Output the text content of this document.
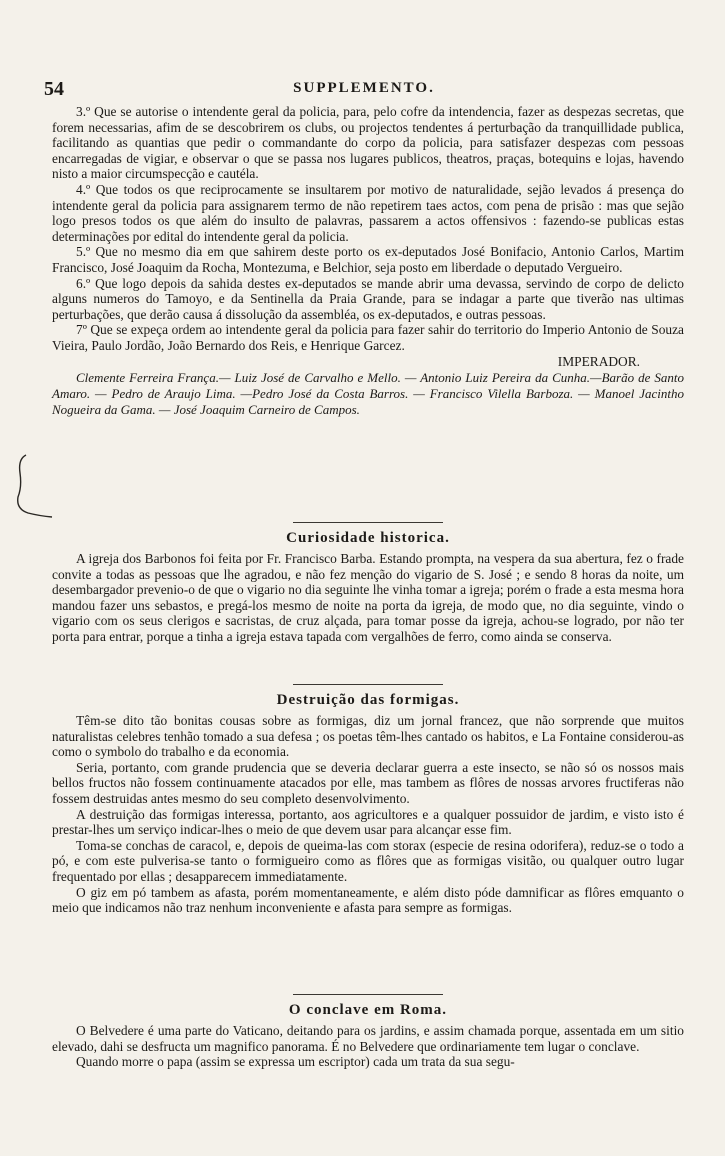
54	SUPPLEMENTO.

3.º Que se autorise o intendente geral da policia, para, pelo cofre da intendencia, fazer as despezas secretas, que forem necessarias, afim de se descobrirem os clubs, ou projectos tendentes á perturbação da tranquillidade publica, facilitando as quantias que pedir o commandante do corpo da policia, para satisfazer despezas com pessoas encarregadas de vigiar, e observar o que se passa nos lugares publicos, theatros, praças, botequins e lojas, havendo nisto a maior circumspecção e cautéla.

4.º Que todos os que reciprocamente se insultarem por motivo de naturalidade, sejão levados á presença do intendente geral da policia para assignarem termo de não repetirem taes actos, com pena de prisão : mas que sejão logo presos todos os que além do insulto de palavras, passarem a actos offensivos : fazendo-se publicas estas determinações por edital do intendente geral da policia.

5.º Que no mesmo dia em que sahirem deste porto os ex-deputados José Bonifacio, Antonio Carlos, Martim Francisco, José Joaquim da Rocha, Montezuma, e Belchior, seja posto em liberdade o deputado Vergueiro.

6.º Que logo depois da sahida destes ex-deputados se mande abrir uma devassa, servindo de corpo de delicto alguns numeros do Tamoyo, e da Sentinella da Praia Grande, para se indagar a parte que tiverão nas ultimas perturbações, que derão causa á dissolução da assembléa, os ex-deputados, e outras pessoas.

7º Que se expeça ordem ao intendente geral da policia para fazer sahir do territorio do Imperio Antonio de Souza Vieira, Paulo Jordão, João Bernardo dos Reis, e Henrique Garcez.

IMPERADOR.

Clemente Ferreira França.— Luiz José de Carvalho e Mello. — Antonio Luiz Pereira da Cunha.—Barão de Santo Amaro. — Pedro de Araujo Lima. —Pedro José da Costa Barros. — Francisco Vilella Barboza. — Manoel Jacintho Nogueira da Gama. — José Joaquim Carneiro de Campos.

Curiosidade historica.

A igreja dos Barbonos foi feita por Fr. Francisco Barba. Estando prompta, na vespera da sua abertura, fez o frade convite a todas as pessoas que lhe agradou, e não fez menção do vigario de S. José ; e sendo 8 horas da noite, um desembargador prevenio-o de que o vigario no dia seguinte lhe vinha tomar a igreja; porém o frade a esta mesma hora mandou fazer uns sebastos, e pregá-los mesmo de noite na porta da igreja, de modo que, no dia seguinte, vindo o vigario com os seus clerigos e sacristas, de cruz alçada, para tomar posse da igreja, achou-se logrado, por não ter porta para entrar, porque a tinha a igreja estava tapada com vergalhões de ferro, como ainda se conserva.

Destruição das formigas.

Têm-se dito tão bonitas cousas sobre as formigas, diz um jornal francez, que não sorprende que muitos naturalistas celebres tenhão tomado a sua defesa ; os poetas têm-lhes cantado os habitos, e La Fontaine considerou-as como o symbolo do trabalho e da economia.

Seria, portanto, com grande prudencia que se deveria declarar guerra a este insecto, se não só os nossos mais bellos fructos não fossem continuamente atacados por elle, mas tambem as flôres de nossas arvores fructiferas não fossem destruidas antes mesmo do seu completo desenvolvimento.

A destruição das formigas interessa, portanto, aos agricultores e a qualquer possuidor de jardim, e visto isto é prestar-lhes um serviço indicar-lhes o meio de que devem usar para alcançar esse fim.

Toma-se conchas de caracol, e, depois de queima-las com storax (especie de resina odorifera), reduz-se o todo a pó, e com este pulverisa-se tanto o formigueiro como as flôres que as formigas visitão, ou qualquer outro lugar frequentado por ellas ; desapparecem immediatamente.

O giz em pó tambem as afasta, porém momentaneamente, e além disto póde damnificar as flôres emquanto o meio que indicamos não traz nenhum inconveniente e afasta para sempre as formigas.

O conclave em Roma.

O Belvedere é uma parte do Vaticano, deitando para os jardins, e assim chamada porque, assentada em um sitio elevado, dahi se desfructa um magnifico panorama. É no Belvedere que ordinariamente tem lugar o conclave.

Quando morre o papa (assim se expressa um escriptor) cada um trata da sua segu-
